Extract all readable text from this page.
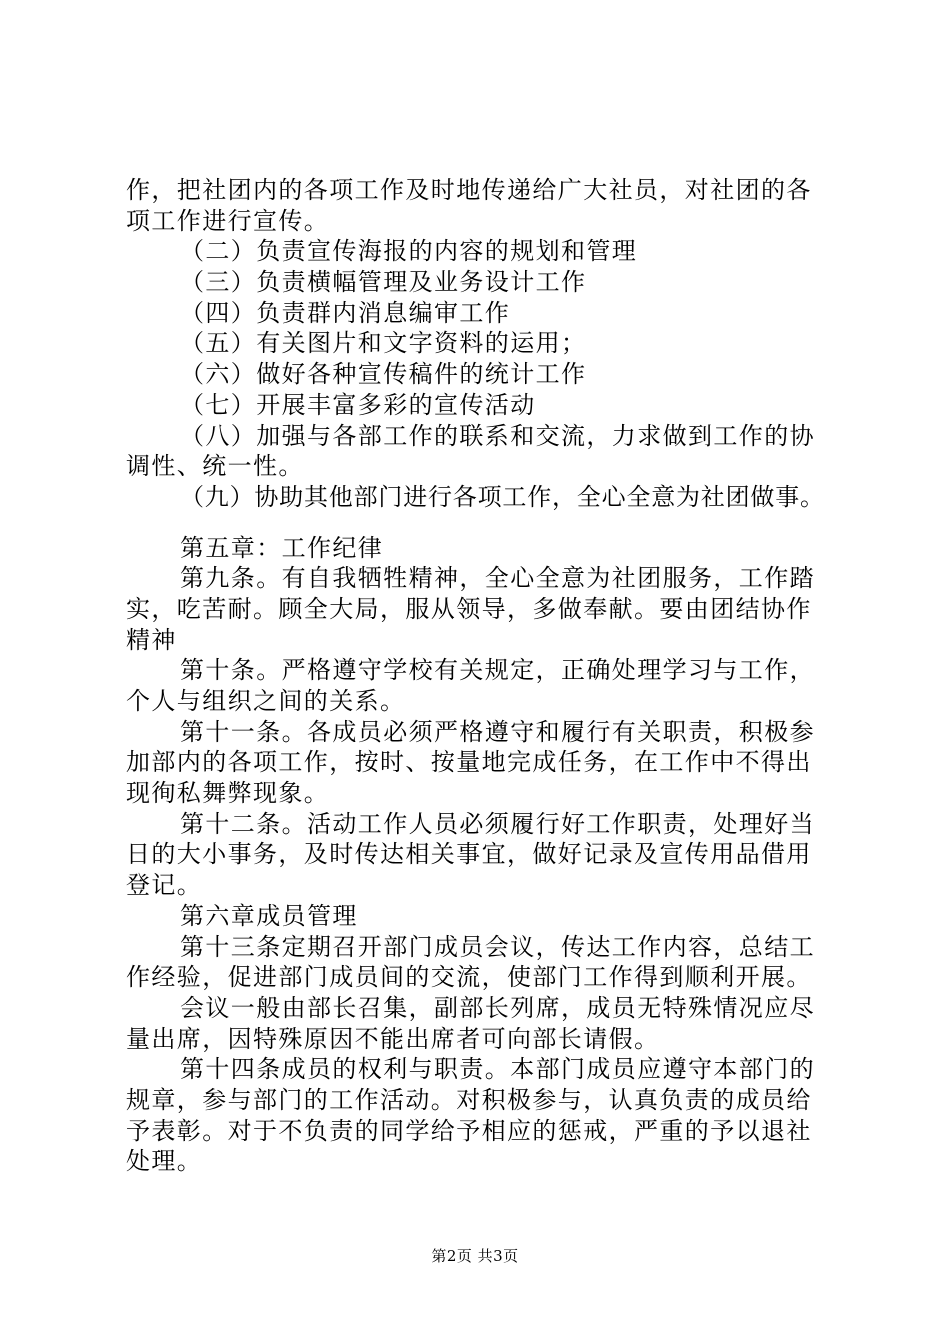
作，把社团内的各项工作及时地传递给广大社员，对社团的各
项工作进行宣传。
（二）负责宣传海报的内容的规划和管理
（三）负责横幅管理及业务设计工作
（四）负责群内消息编审工作
（五）有关图片和文字资料的运用；
（六）做好各种宣传稿件的统计工作
（七）开展丰富多彩的宣传活动
（八）加强与各部工作的联系和交流，力求做到工作的协
调性、统一性。
（九）协助其他部门进行各项工作，全心全意为社团做事。
第五章：工作纪律
第九条。有自我牺牲精神，全心全意为社团服务，工作踏
实，吃苦耐。顾全大局，服从领导，多做奉献。要由团结协作
精神
第十条。严格遵守学校有关规定，正确处理学习与工作，
个人与组织之间的关系。
第十一条。各成员必须严格遵守和履行有关职责，积极参
加部内的各项工作，按时、按量地完成任务，在工作中不得出
现徇私舞弊现象。
第十二条。活动工作人员必须履行好工作职责，处理好当
日的大小事务，及时传达相关事宜，做好记录及宣传用品借用
登记。
第六章成员管理
第十三条定期召开部门成员会议，传达工作内容，总结工
作经验，促进部门成员间的交流，使部门工作得到顺利开展。
会议一般由部长召集，副部长列席，成员无特殊情况应尽
量出席，因特殊原因不能出席者可向部长请假。
第十四条成员的权利与职责。本部门成员应遵守本部门的
规章，参与部门的工作活动。对积极参与，认真负责的成员给
予表彰。对于不负责的同学给予相应的惩戒，严重的予以退社
处理。
第2页 共3页
